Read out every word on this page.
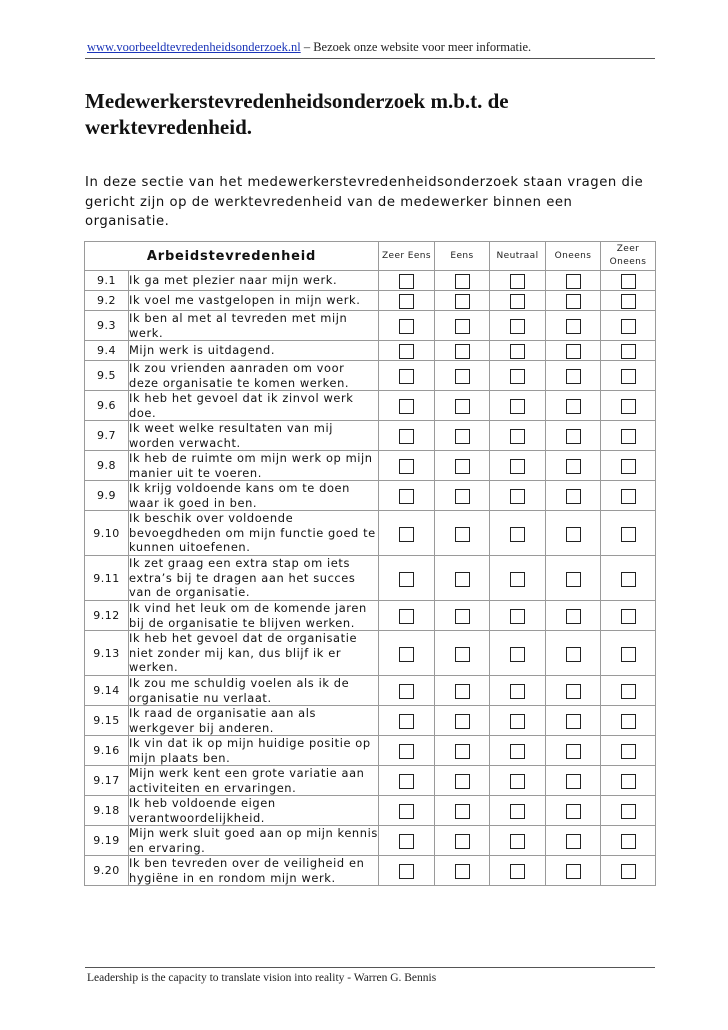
www.voorbeeldtevredenheidsonderzoek.nl – Bezoek onze website voor meer informatie.
Medewerkerstevredenheidsonderzoek m.b.t. de werktevredenheid.

In deze sectie van het medewerkerstevredenheidsonderzoek staan vragen die gericht zijn op de werktevredenheid van de medewerker binnen een organisatie.

Arbeidstevredenheid		Zeer Eens	Eens	Neutraal	Oneens	Zeer Oneens
9.1	Ik ga met plezier naar mijn werk.					
9.2	Ik voel me vastgelopen in mijn werk.					
9.3	Ik ben al met al tevreden met mijn werk.					
9.4	Mijn werk is uitdagend.					
9.5	Ik zou vrienden aanraden om voor deze organisatie te komen werken.					
9.6	Ik heb het gevoel dat ik zinvol werk doe.					
9.7	Ik weet welke resultaten van mij worden verwacht.					
9.8	Ik heb de ruimte om mijn werk op mijn manier uit te voeren.					
9.9	Ik krijg voldoende kans om te doen waar ik goed in ben.					
9.10	Ik beschik over voldoende bevoegdheden om mijn functie goed te kunnen uitoefenen.					
9.11	Ik zet graag een extra stap om iets extra’s bij te dragen aan het succes van de organisatie.					
9.12	Ik vind het leuk om de komende jaren bij de organisatie te blijven werken.					
9.13	Ik heb het gevoel dat de organisatie niet zonder mij kan, dus blijf ik er werken.					
9.14	Ik zou me schuldig voelen als ik de organisatie nu verlaat.					
9.15	Ik raad de organisatie aan als werkgever bij anderen.					
9.16	Ik vin dat ik op mijn huidige positie op mijn plaats ben.					
9.17	Mijn werk kent een grote variatie aan activiteiten en ervaringen.					
9.18	Ik heb voldoende eigen verantwoordelijkheid.					
9.19	Mijn werk sluit goed aan op mijn kennis en ervaring.					
9.20	Ik ben tevreden over de veiligheid en hygiëne in en rondom mijn werk.					
Leadership is the capacity to translate vision into reality - Warren G. Bennis
